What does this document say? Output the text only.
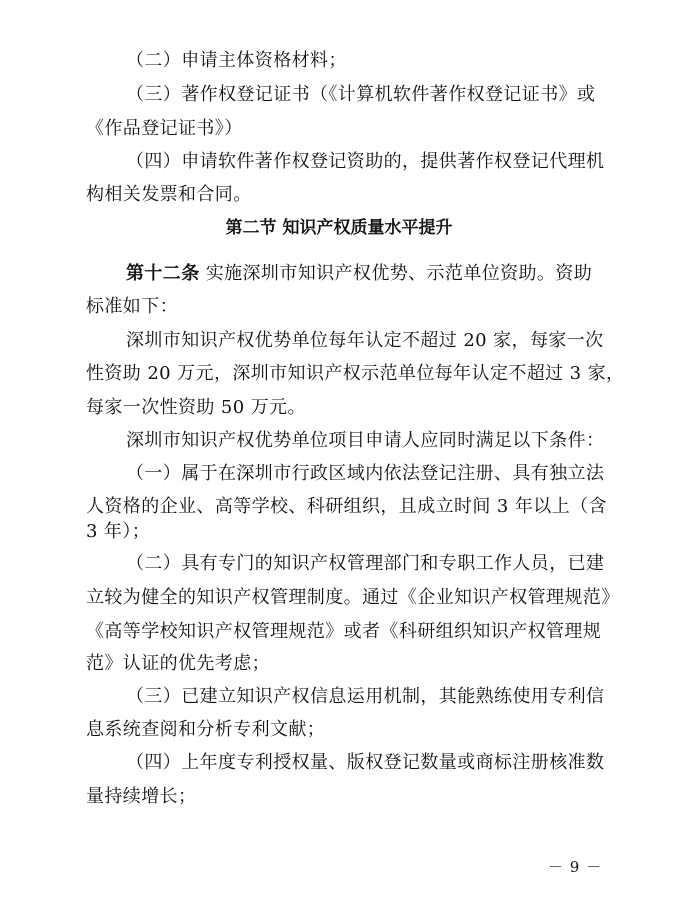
（二）申请主体资格材料；
（三）著作权登记证书（《计算机软件著作权登记证书》或
《作品登记证书》）
（四）申请软件著作权登记资助的，提供著作权登记代理机
构相关发票和合同。
第二节 知识产权质量水平提升
第十二条 实施深圳市知识产权优势、示范单位资助。资助
标准如下：
深圳市知识产权优势单位每年认定不超过 20 家，每家一次
性资助 20 万元，深圳市知识产权示范单位每年认定不超过 3 家，
每家一次性资助 50 万元。
深圳市知识产权优势单位项目申请人应同时满足以下条件：
（一）属于在深圳市行政区域内依法登记注册、具有独立法
人资格的企业、高等学校、科研组织，且成立时间 3 年以上（含
3 年）；
（二）具有专门的知识产权管理部门和专职工作人员，已建
立较为健全的知识产权管理制度。通过《企业知识产权管理规范》
《高等学校知识产权管理规范》或者《科研组织知识产权管理规
范》认证的优先考虑；
（三）已建立知识产权信息运用机制，其能熟练使用专利信
息系统查阅和分析专利文献；
（四）上年度专利授权量、版权登记数量或商标注册核准数
量持续增长；
－ 9 －
